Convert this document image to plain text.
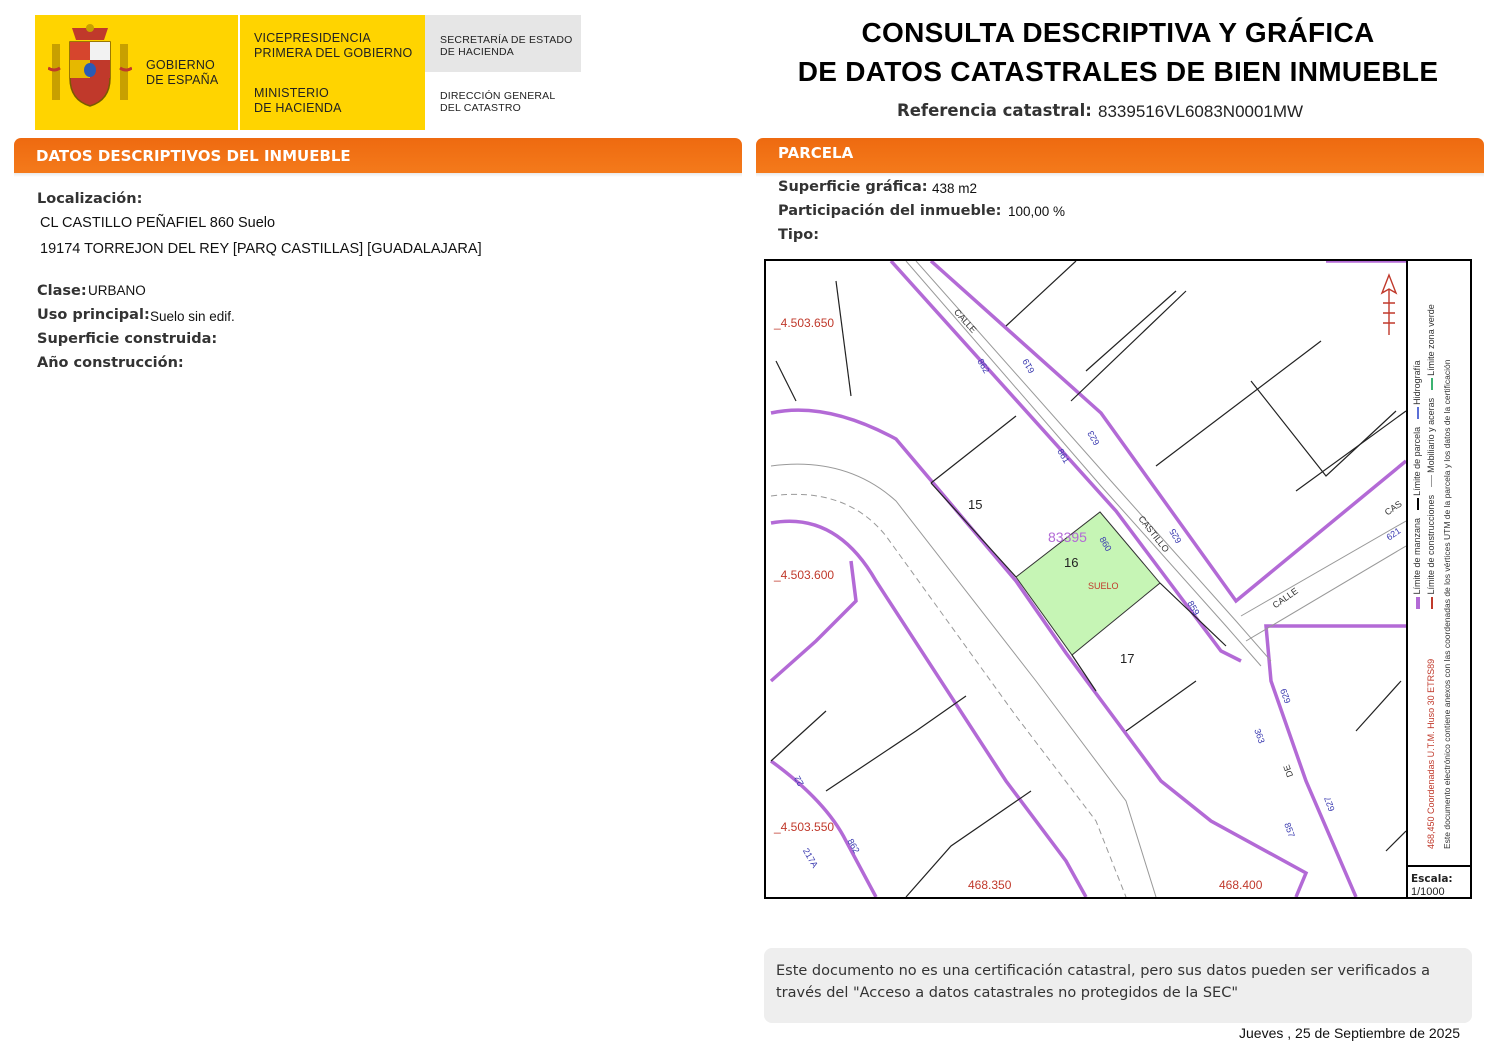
GOBIERNO
DE ESPAÑA
VICEPRESIDENCIA
PRIMERA DEL GOBIERNO
MINISTERIO
DE HACIENDA
SECRETARÍA DE ESTADO
DE HACIENDA
DIRECCIÓN GENERAL
DEL CATASTRO
CONSULTA DESCRIPTIVA Y GRÁFICA
DE DATOS CATASTRALES DE BIEN INMUEBLE
Referencia catastral: 8339516VL6083N0001MW
DATOS DESCRIPTIVOS DEL INMUEBLE
Localización:
CL CASTILLO PEÑAFIEL 860 Suelo
19174 TORREJON DEL REY [PARQ CASTILLAS] [GUADALAJARA]
Clase: URBANO
Uso principal: Suelo sin edif.
Superficie construida:
Año construcción:
PARCELA
Superficie gráfica: 438 m2
Participación del inmueble: 100,00 %
Tipo:
_4.503.650
_4.503.600
_4.503.550
468.350	468.400
83395
15
16
17
SUELO
CALLE
CASTILLO
CALLE
CAS
DE
862	619
861
623
860	625
859
621
629
363
857
627
22
217A
862
Límite de manzana    Límite de parcela    Hidrografía
Límite de construcciones    Mobiliario y aceras    Límite zona verde
468,450 Coordenadas U.T.M. Huso 30 ETRS89 Este documento electrónico contiene anexos con las coordenadas de los vértices UTM de la parcela y los datos de la certificación
Escala:
1/1000
Este documento no es una certificación catastral, pero sus datos pueden ser verificados a
través del "Acceso a datos catastrales no protegidos de la SEC"
Jueves , 25 de Septiembre de 2025
